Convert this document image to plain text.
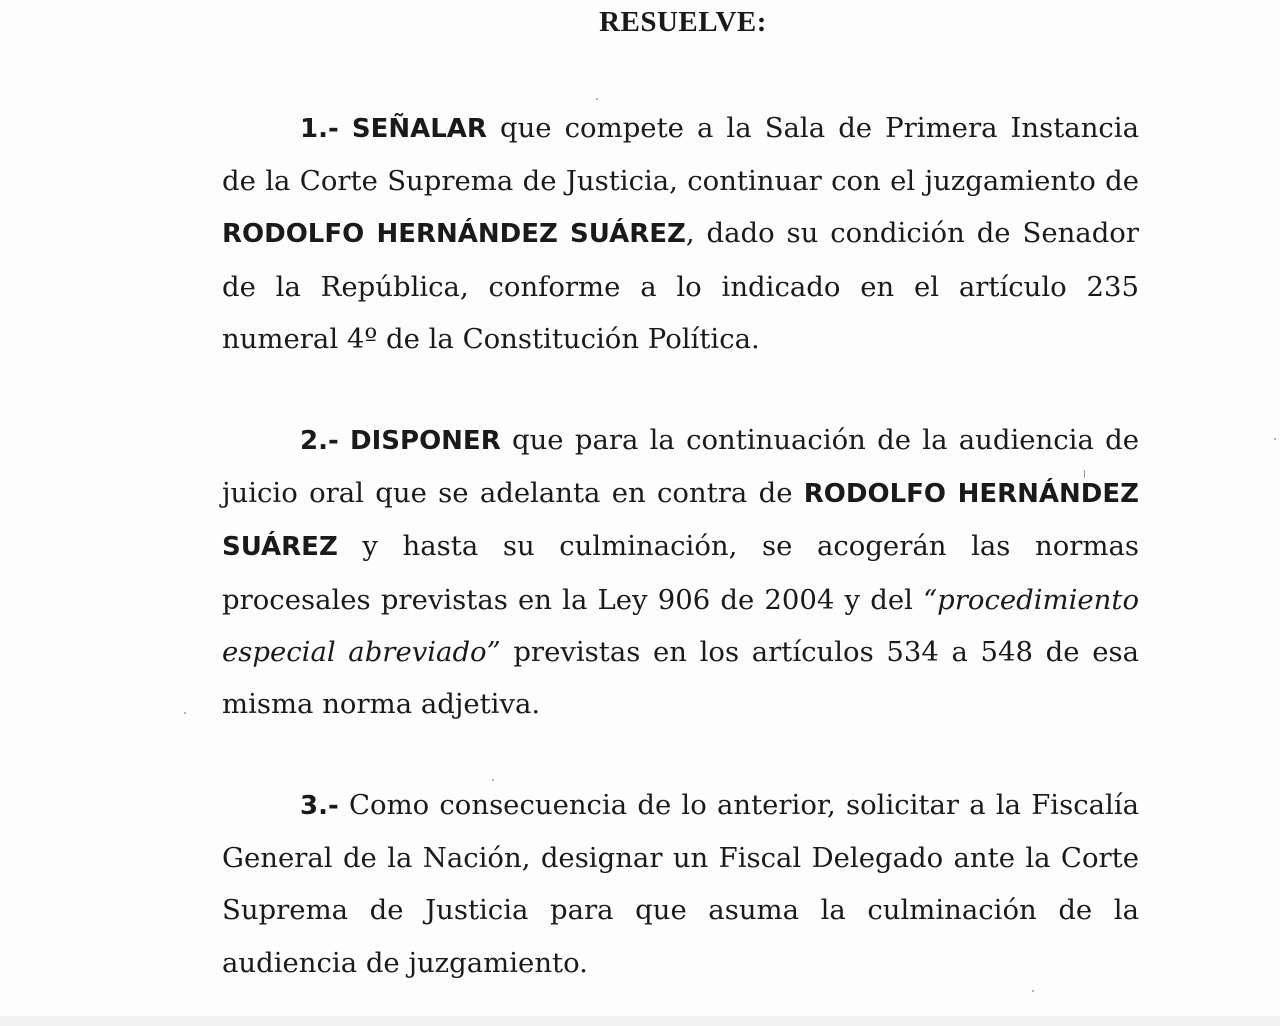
RESUELVE:

1.- SEÑALAR que compete a la Sala de Primera Instancia de la Corte Suprema de Justicia, continuar con el juzgamiento de RODOLFO HERNÁNDEZ SUÁREZ, dado su condición de Senador de la República, conforme a lo indicado en el artículo 235 numeral 4º de la Constitución Política.

2.- DISPONER que para la continuación de la audiencia de juicio oral que se adelanta en contra de RODOLFO HERNÁNDEZ SUÁREZ y hasta su culminación, se acogerán las normas procesales previstas en la Ley 906 de 2004 y del “procedimiento especial abreviado” previstas en los artículos 534 a 548 de esa misma norma adjetiva.

3.- Como consecuencia de lo anterior, solicitar a la Fiscalía General de la Nación, designar un Fiscal Delegado ante la Corte Suprema de Justicia para que asuma la culminación de la audiencia de juzgamiento.
